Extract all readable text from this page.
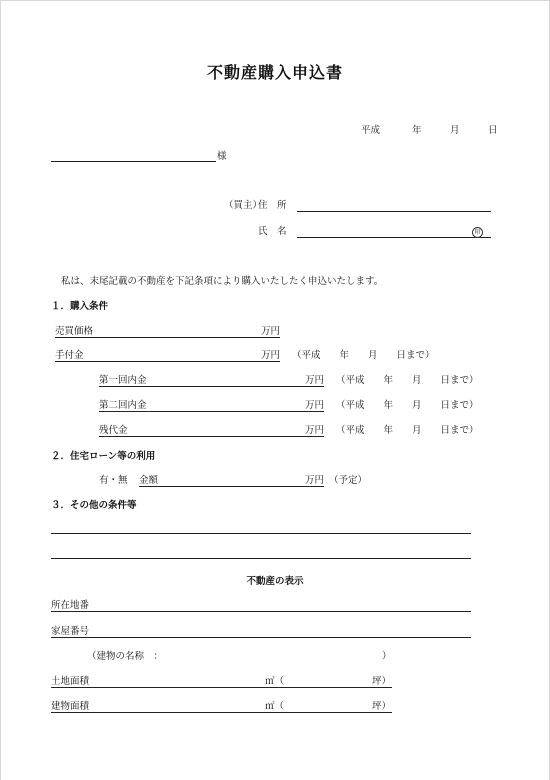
不動産購入申込書
平成	年	月	日
様
（買主）
住　所
氏　名	印
私は、末尾記載の不動産を下記条項により購入いたしたく申込いたします。
１．購入条件
売買価格	万円
手付金	万円 （平成　　年　　月　　日まで）
第一回内金	万円 （平成　　年　　月　　日まで）
第二回内金	万円 （平成　　年　　月　　日まで）
残代金	万円 （平成　　年　　月　　日まで）
２．住宅ローン等の利用
有・無 金額	万円 （予定）
３．その他の条件等
不動産の表示
所在地番
家屋番号
（建物の名称　：	）
土地面積	㎡（	坪）
建物面積	㎡（	坪）
